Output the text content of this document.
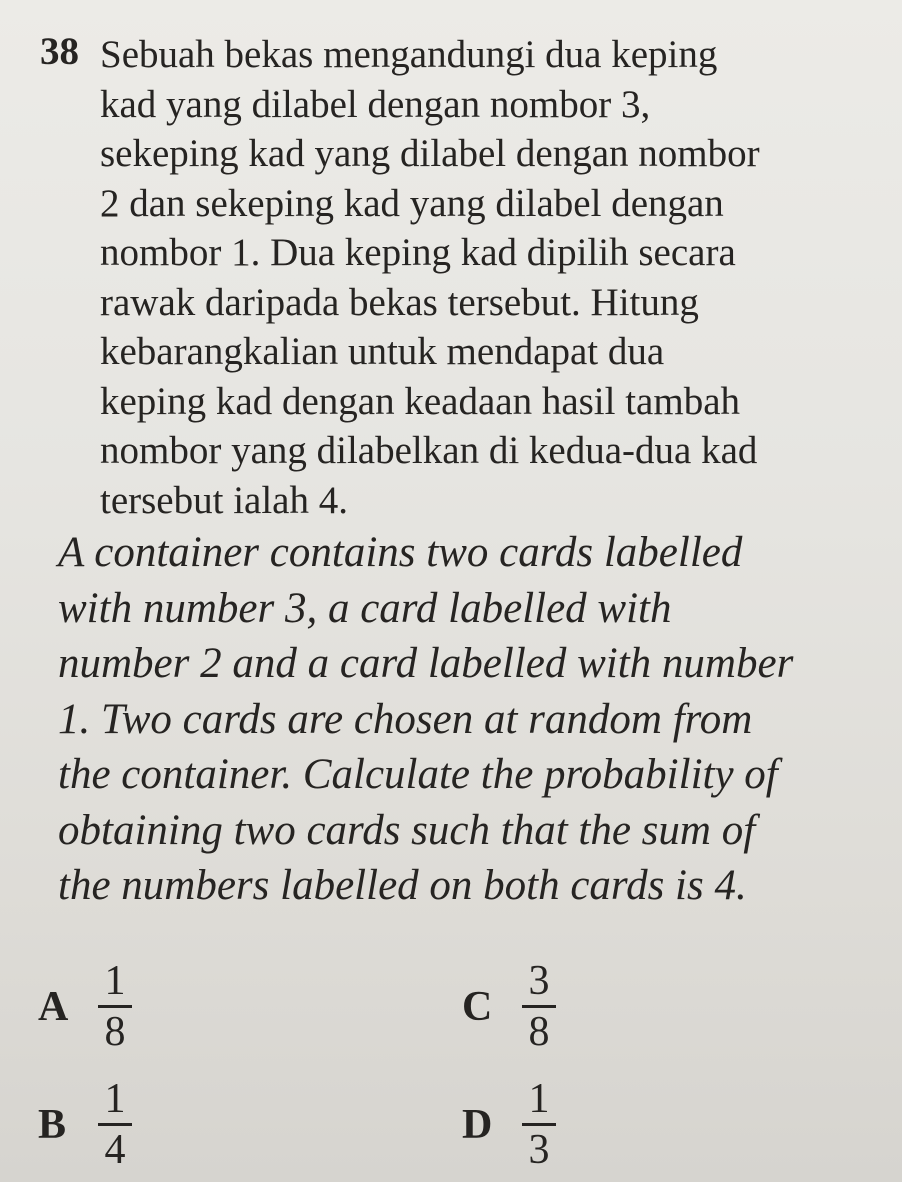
38 Sebuah bekas mengandungi dua keping
kad yang dilabel dengan nombor 3,
sekeping kad yang dilabel dengan nombor
2 dan sekeping kad yang dilabel dengan
nombor 1. Dua keping kad dipilih secara
rawak daripada bekas tersebut. Hitung
kebarangkalian untuk mendapat dua
keping kad dengan keadaan hasil tambah
nombor yang dilabelkan di kedua-dua kad
tersebut ialah 4.
A container contains two cards labelled
with number 3, a card labelled with
number 2 and a card labelled with number
1. Two cards are chosen at random from
the container. Calculate the probability of
obtaining two cards such that the sum of
the numbers labelled on both cards is 4.
A $\frac{1}{8}$
B $\frac{1}{4}$
C $\frac{3}{8}$
D $\frac{1}{3}$
